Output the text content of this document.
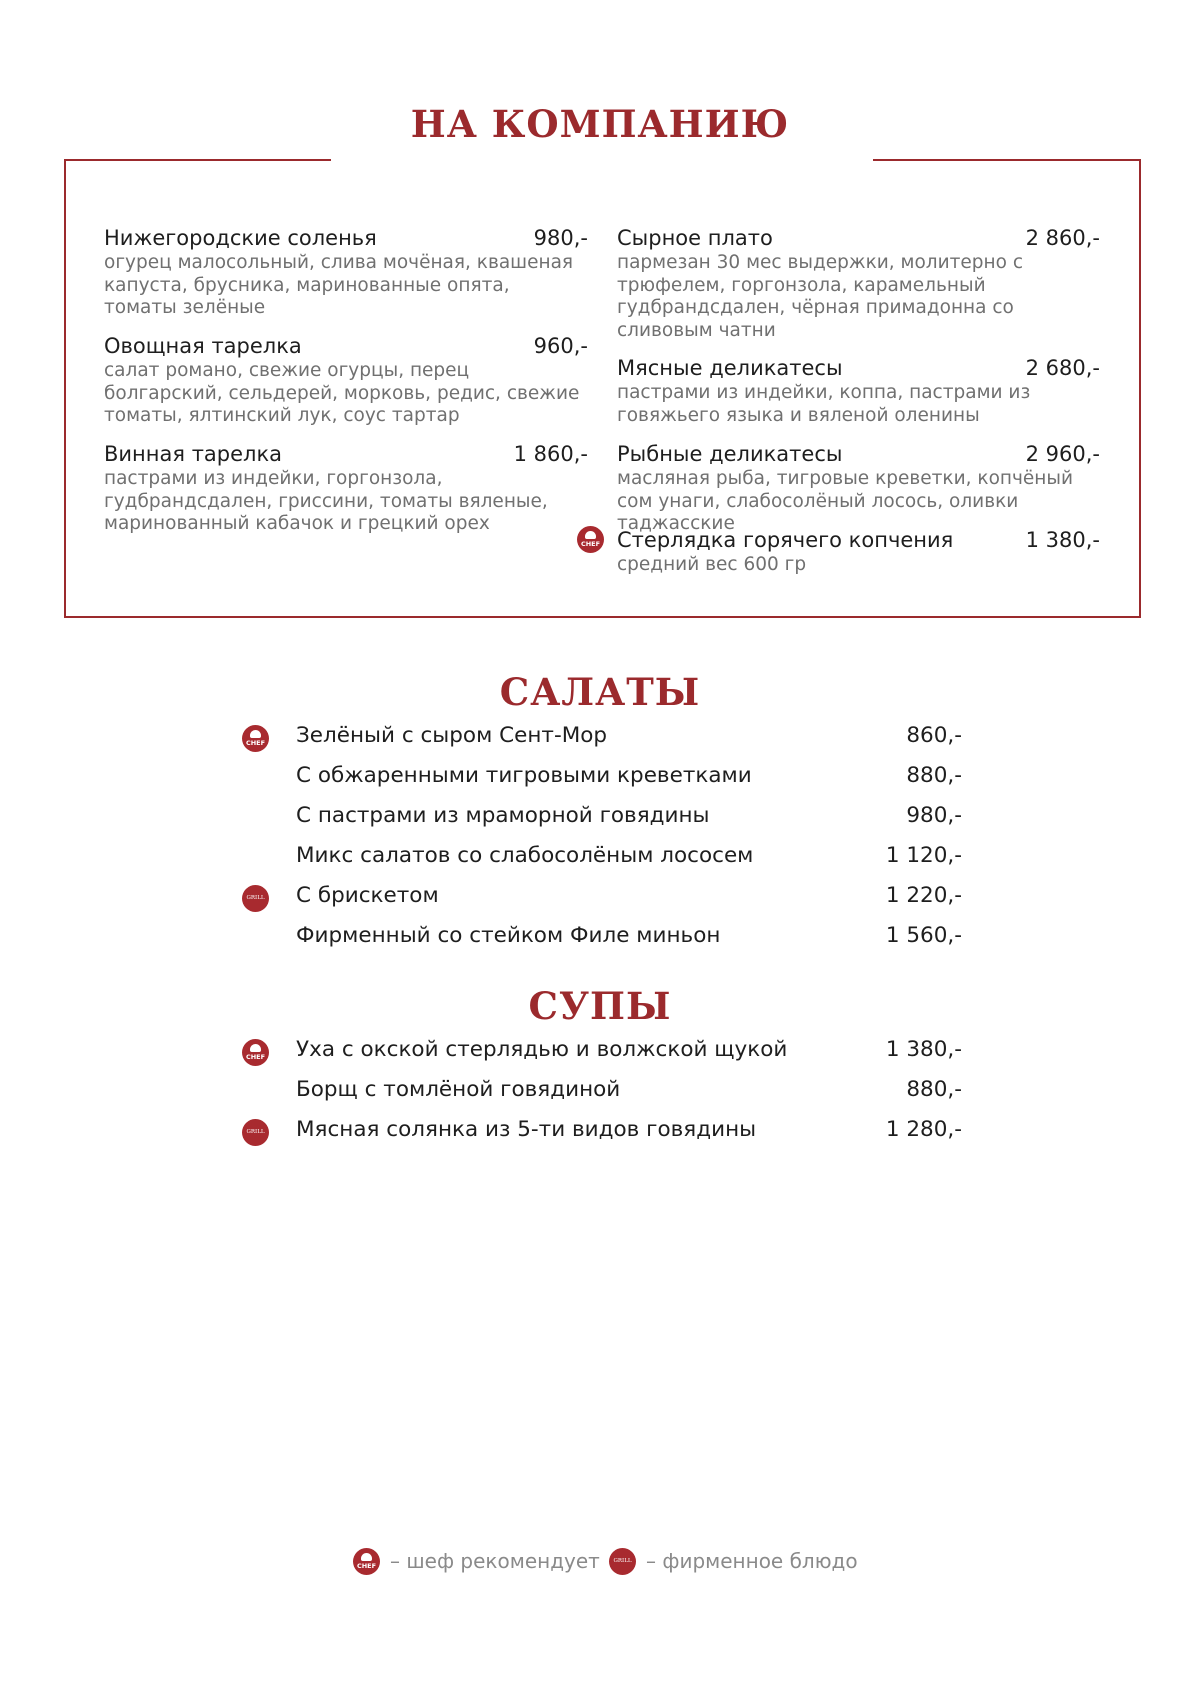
НА КОМПАНИЮ
Нижегородские соленья	980,-
огурец малосольный, слива мочёная, квашеная капуста, брусника, маринованные опята, томаты зелёные
Овощная тарелка	960,-
салат романо, свежие огурцы, перец болгарский, сельдерей, морковь, редис, свежие томаты, ялтинский лук, соус тартар
Винная тарелка	1 860,-
пастрами из индейки, горгонзола, гудбрандсдален, гриссини, томаты вяленые, маринованный кабачок и грецкий орех
Сырное плато	2 860,-
пармезан 30 мес выдержки, молитерно с трюфелем, горгонзола, карамельный гудбрандсдален, чёрная примадонна со сливовым чатни
Мясные деликатесы	2 680,-
пастрами из индейки, коппа, пастрами из говяжьего языка и вяленой оленины
Рыбные деликатесы	2 960,-
масляная рыба, тигровые креветки, копчёный сом унаги, слабосолёный лосось, оливки таджасские
CHEF Стерлядка горячего копчения	1 380,-
средний вес 600 гр
САЛАТЫ
CHEF Зелёный с сыром Сент-Мор	860,-
С обжаренными тигровыми креветками	880,-
С пастрами из мраморной говядины	980,-
Микс салатов со слабосолёным лососем	1 120,-
GRILL С брискетом	1 220,-
Фирменный со стейком Филе миньон	1 560,-
СУПЫ
CHEF Уха с окской стерлядью и волжской щукой	1 380,-
Борщ с томлёной говядиной	880,-
GRILL Мясная солянка из 5-ти видов говядины	1 280,-
CHEF – шеф рекомендует	GRILL – фирменное блюдо
